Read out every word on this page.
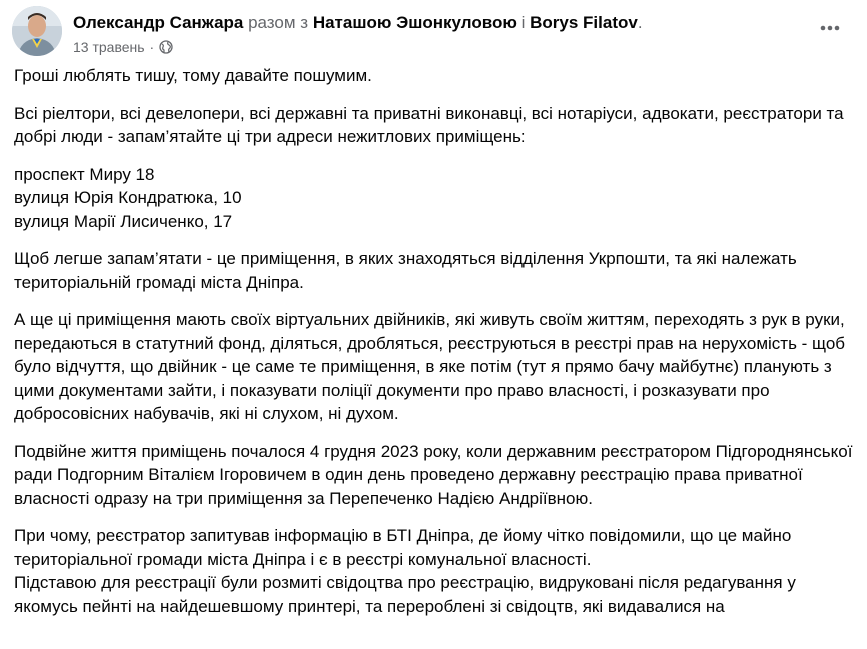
Олександр Санжара разом з Наташою Эшонкуловою і Borys Filatov.
13 травень ·

Гроші люблять тишу, тому давайте пошумим.

Всі ріелтори, всі девелопери, всі державні та приватні виконавці, всі нотаріуси, адвокати, реєстратори та добрі люди - запам’ятайте ці три адреси нежитлових приміщень:

проспект Миру 18
вулиця Юрія Кондратюка, 10
вулиця Марії Лисиченко, 17

Щоб легше запам’ятати - це приміщення, в яких знаходяться відділення Укрпошти, та які належать територіальній громаді міста Дніпра.

А ще ці приміщення мають своїх віртуальних двійників, які живуть своїм життям, переходять з рук в руки, передаються в статутний фонд, діляться, дробляться, реєструються в реєстрі прав на нерухомість - щоб було відчуття, що двійник - це саме те приміщення, в яке потім (тут я прямо бачу майбутнє) планують з цими документами зайти, і показувати поліції документи про право власності, і розказувати про добросовісних набувачів, які ні слухом, ні духом.

Подвійне життя приміщень почалося 4 грудня 2023 року, коли державним реєстратором Підгороднянської ради Подгорним Віталієм Ігоровичем в один день проведено державну реєстрацію права приватної власності одразу на три приміщення за Перепеченко Надією Андріївною.

При чому, реєстратор запитував інформацію в БТІ Дніпра, де йому чітко повідомили, що це майно територіальної громади міста Дніпра і є в реєстрі комунальної власності.

Підставою для реєстрації були розмиті свідоцтва про реєстрацію, видруковані після редагування у якомусь пейнті на найдешевшому принтері, та перероблені зі свідоцтв, які видавалися на
